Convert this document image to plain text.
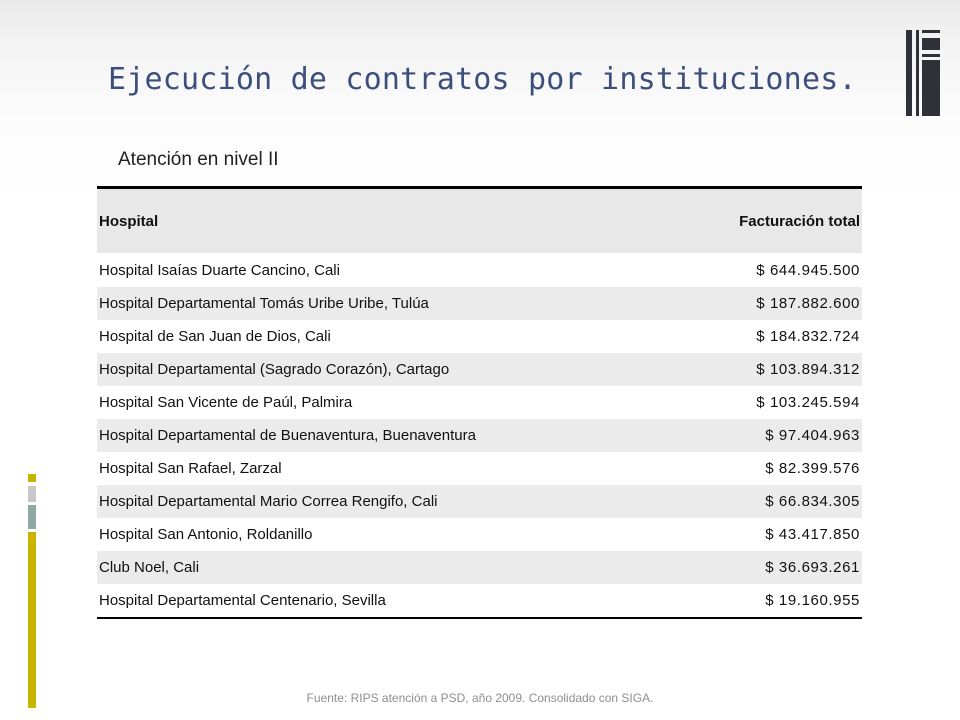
Ejecución de contratos por instituciones.
Atención en nivel II
Hospital	Facturación total
Hospital Isaías Duarte Cancino, Cali	$ 644.945.500
Hospital Departamental Tomás Uribe Uribe, Tulúa	$ 187.882.600
Hospital de San Juan de Dios, Cali	$ 184.832.724
Hospital Departamental (Sagrado Corazón), Cartago	$ 103.894.312
Hospital San Vicente de Paúl, Palmira	$ 103.245.594
Hospital Departamental de Buenaventura, Buenaventura	$ 97.404.963
Hospital San Rafael, Zarzal	$ 82.399.576
Hospital Departamental Mario Correa Rengifo, Cali	$ 66.834.305
Hospital San Antonio, Roldanillo	$ 43.417.850
Club Noel, Cali	$ 36.693.261
Hospital Departamental Centenario, Sevilla	$ 19.160.955
Fuente: RIPS atención a PSD, año 2009. Consolidado con SIGA.
